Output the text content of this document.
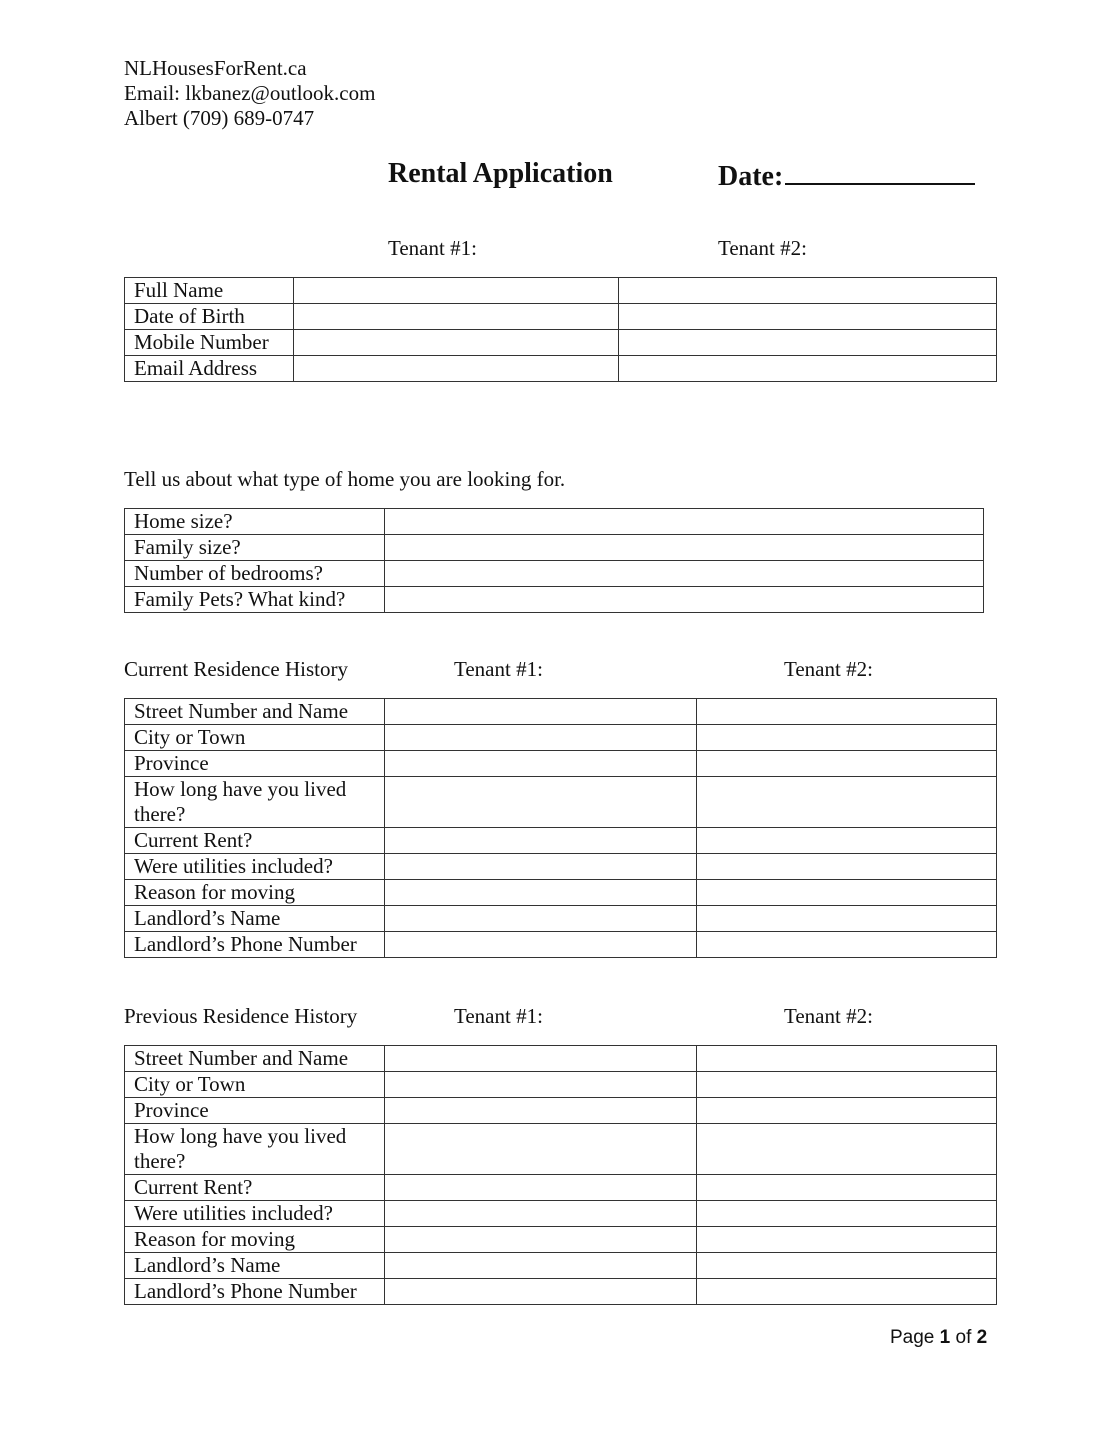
NLHousesForRent.ca
Email: lkbanez@outlook.com
Albert (709) 689-0747
Rental Application	Date:
Tenant #1:	Tenant #2:
Full Name		
Date of Birth		
Mobile Number		
Email Address		
Tell us about what type of home you are looking for.
Home size?	
Family size?	
Number of bedrooms?	
Family Pets? What kind?	
Current Residence History	Tenant #1:	Tenant #2:
Street Number and Name		
City or Town		
Province		
How long have you lived there?		
Current Rent?		
Were utilities included?		
Reason for moving		
Landlord’s Name		
Landlord’s Phone Number		
Previous Residence History	Tenant #1:	Tenant #2:
Street Number and Name		
City or Town		
Province		
How long have you lived there?		
Current Rent?		
Were utilities included?		
Reason for moving		
Landlord’s Name		
Landlord’s Phone Number		
Page 1 of 2
